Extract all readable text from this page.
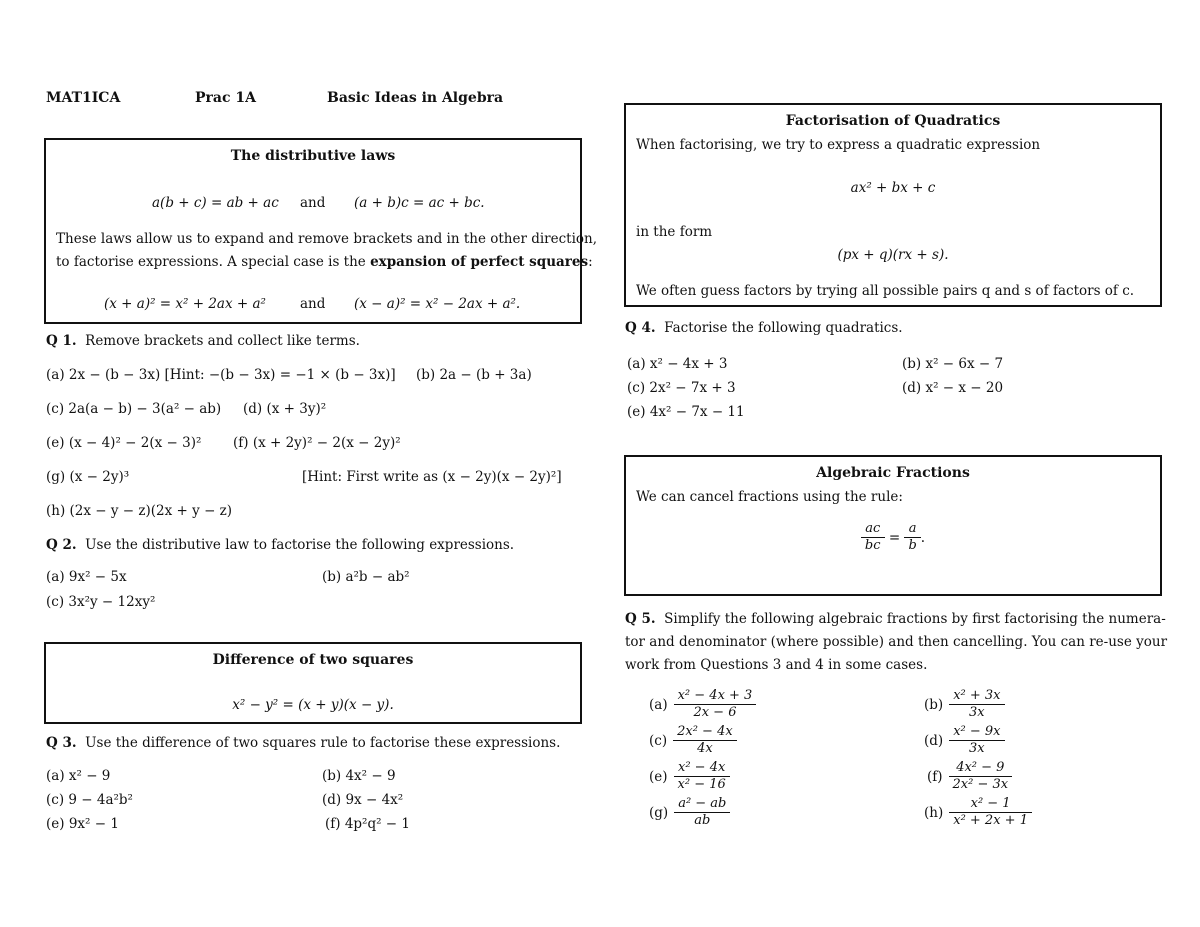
MAT1ICA	Prac 1A	Basic Ideas in Algebra
The distributive laws
a(b + c) = ab + ac and (a + b)c = ac + bc.
These laws allow us to expand and remove brackets and in the other direction,
to factorise expressions. A special case is the expansion of perfect squares:
(x + a)² = x² + 2ax + a²	and (x − a)² = x² − 2ax + a².
Q 1. Remove brackets and collect like terms.
(a) 2x − (b − 3x) [Hint: −(b − 3x) = −1 × (b − 3x)] (b) 2a − (b + 3a)
(c) 2a(a − b) − 3(a² − ab) (d) (x + 3y)²
(e) (x − 4)² − 2(x − 3)² (f) (x + 2y)² − 2(x − 2y)²
(g) (x − 2y)³	[Hint: First write as (x − 2y)(x − 2y)²]
(h) (2x − y − z)(2x + y − z)
Q 2. Use the distributive law to factorise the following expressions.
(a) 9x² − 5x	(b) a²b − ab²
(c) 3x²y − 12xy²
Difference of two squares
x² − y² = (x + y)(x − y).
Q 3. Use the difference of two squares rule to factorise these expressions.
(a) x² − 9	(b) 4x² − 9
(c) 9 − 4a²b²	(d) 9x − 4x²
(e) 9x² − 1	(f) 4p²q² − 1
Factorisation of Quadratics
When factorising, we try to express a quadratic expression
ax² + bx + c
in the form
(px + q)(rx + s).
We often guess factors by trying all possible pairs q and s of factors of c.
Q 4. Factorise the following quadratics.
(a) x² − 4x + 3	(b) x² − 6x − 7
(c) 2x² − 7x + 3	(d) x² − x − 20
(e) 4x² − 7x − 11
Algebraic Fractions
We can cancel fractions using the rule:
$\frac{ac}{bc} = \frac{a}{b}$ .
Q 5. Simplify the following algebraic fractions by first factorising the numera-
tor and denominator (where possible) and then cancelling. You can re-use your
work from Questions 3 and 4 in some cases.
$(a) \frac{\text{x² − 4x + 3}}{2x - 6}$	$(b) \frac{\text{x² + 3x}}{3x}$
$(c) \frac{\text{2x² − 4x}}{4x}$	$(d) \frac{\text{x² − 9x}}{3x}$
$(e) \frac{\text{x² − 4x}}{\text{x² − 16}}$	$(f) \frac{\text{4x² − 9}}{\text{2x² − 3x}}$
$(g) \frac{\text{a² − ab}}{ab}$	$(h) \frac{\text{x² − 1}}{\text{x² + 2x + 1}}$
